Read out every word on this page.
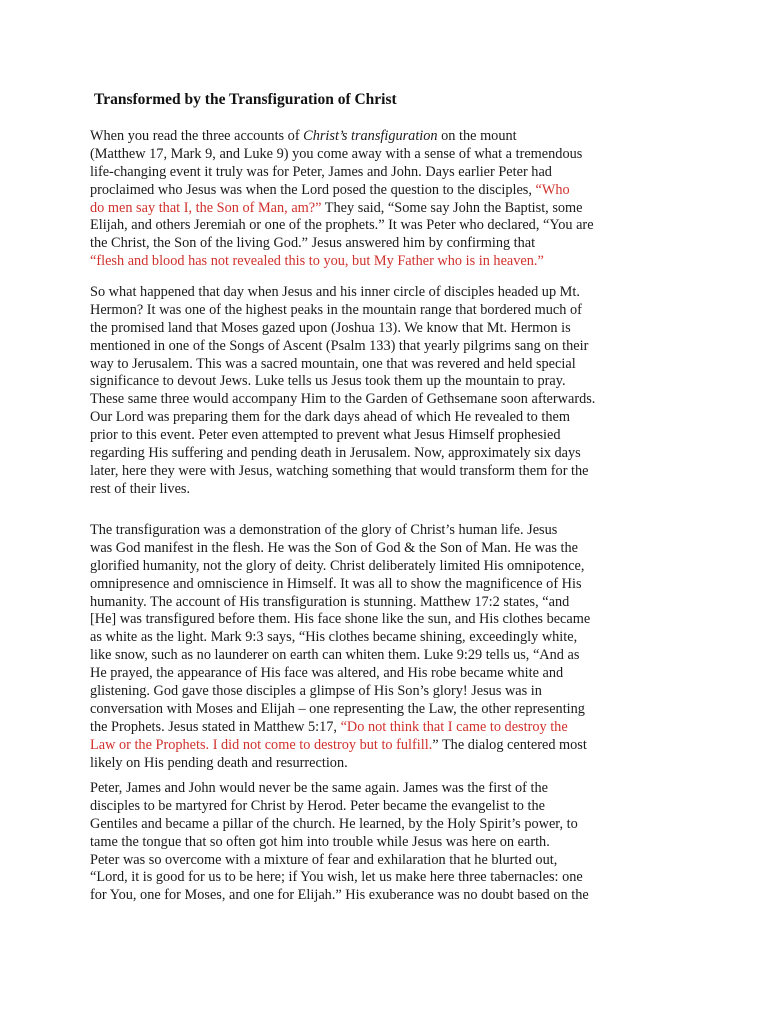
Transformed by the Transfiguration of Christ
When you read the three accounts of Christ’s transfiguration on the mount
(Matthew 17, Mark 9, and Luke 9) you come away with a sense of what a tremendous
life-changing event it truly was for Peter, James and John. Days earlier Peter had
proclaimed who Jesus was when the Lord posed the question to the disciples, “Who
do men say that I, the Son of Man, am?” They said, “Some say John the Baptist, some
Elijah, and others Jeremiah or one of the prophets.” It was Peter who declared, “You are
the Christ, the Son of the living God.” Jesus answered him by confirming that
“flesh and blood has not revealed this to you, but My Father who is in heaven.”
So what happened that day when Jesus and his inner circle of disciples headed up Mt.
Hermon? It was one of the highest peaks in the mountain range that bordered much of
the promised land that Moses gazed upon (Joshua 13). We know that Mt. Hermon is
mentioned in one of the Songs of Ascent (Psalm 133) that yearly pilgrims sang on their
way to Jerusalem. This was a sacred mountain, one that was revered and held special
significance to devout Jews. Luke tells us Jesus took them up the mountain to pray.
These same three would accompany Him to the Garden of Gethsemane soon afterwards.
Our Lord was preparing them for the dark days ahead of which He revealed to them
prior to this event. Peter even attempted to prevent what Jesus Himself prophesied
regarding His suffering and pending death in Jerusalem. Now, approximately six days
later, here they were with Jesus, watching something that would transform them for the
rest of their lives.
The transfiguration was a demonstration of the glory of Christ’s human life. Jesus
was God manifest in the flesh. He was the Son of God & the Son of Man. He was the
glorified humanity, not the glory of deity. Christ deliberately limited His omnipotence,
omnipresence and omniscience in Himself. It was all to show the magnificence of His
humanity. The account of His transfiguration is stunning. Matthew 17:2 states, “and
[He] was transfigured before them. His face shone like the sun, and His clothes became
as white as the light. Mark 9:3 says, “His clothes became shining, exceedingly white,
like snow, such as no launderer on earth can whiten them. Luke 9:29 tells us, “And as
He prayed, the appearance of His face was altered, and His robe became white and
glistening. God gave those disciples a glimpse of His Son’s glory! Jesus was in
conversation with Moses and Elijah – one representing the Law, the other representing
the Prophets. Jesus stated in Matthew 5:17, “Do not think that I came to destroy the
Law or the Prophets. I did not come to destroy but to fulfill.” The dialog centered most
likely on His pending death and resurrection.
Peter, James and John would never be the same again. James was the first of the
disciples to be martyred for Christ by Herod. Peter became the evangelist to the
Gentiles and became a pillar of the church. He learned, by the Holy Spirit’s power, to
tame the tongue that so often got him into trouble while Jesus was here on earth.
Peter was so overcome with a mixture of fear and exhilaration that he blurted out,
“Lord, it is good for us to be here; if You wish, let us make here three tabernacles: one
for You, one for Moses, and one for Elijah.” His exuberance was no doubt based on the
